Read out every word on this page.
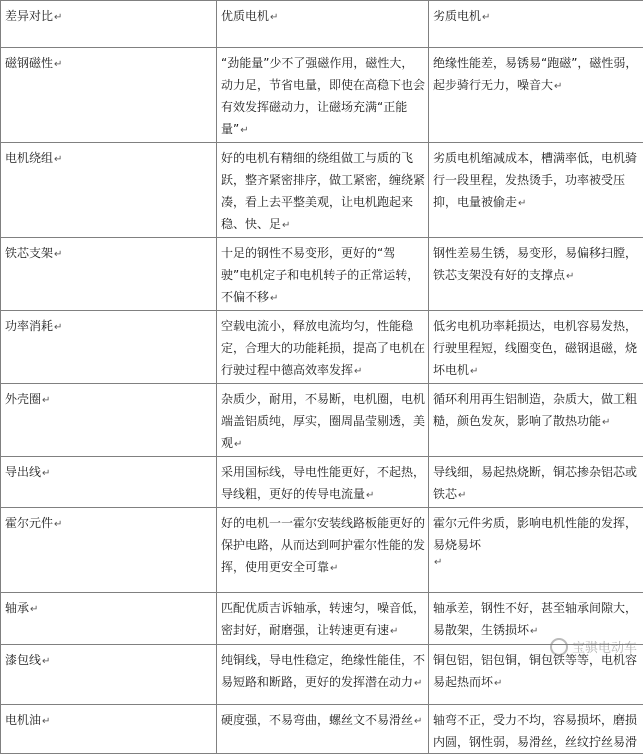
差异对比↵	优质电机↵	劣质电机↵
磁钢磁性↵	“劲能量”少不了强磁作用，磁性大，动力足，节省电量，即使在高稳下也会有效发挥磁动力，让磁场充满“正能量”↵	绝缘性能差，易锈易“跑磁”，磁性弱，起步骑行无力，噪音大↵
电机绕组↵	好的电机有精细的绕组做工与质的飞跃，整齐紧密排序，做工紧密，缠绕紧凑，看上去平整美观，让电机跑起来稳、快、足↵	劣质电机缩减成本，槽满率低，电机骑行一段里程，发热烫手，功率被受压抑，电量被偷走↵
铁芯支架↵	十足的钢性不易变形，更好的“驾驶”电机定子和电机转子的正常运转，不偏不移↵	钢性差易生锈，易变形，易偏移扫膛，铁芯支架没有好的支撑点↵
功率消耗↵	空载电流小，释放电流均匀，性能稳定，合理大的功能耗损，提高了电机在行驶过程中德高效率发挥↵	低劣电机功率耗损达，电机容易发热，行驶里程短，线圈变色，磁钢退磁，烧坏电机↵
外壳圈↵	杂质少，耐用，不易断，电机圈，电机端盖铝质纯，厚实，圈周晶莹剔透，美观↵	循环利用再生铝制造，杂质大，做工粗糙，颜色发灰，影响了散热功能↵
导出线↵	采用国标线，导电性能更好，不起热，导线粗，更好的传导电流量↵	导线细，易起热烧断，铜芯掺杂铝芯或铁芯↵
霍尔元件↵	好的电机一一霍尔安装线路板能更好的保护电路，从而达到呵护霍尔性能的发挥，使用更安全可靠↵	霍尔元件劣质，影响电机性能的发挥，易烧易坏
↵

轴承↵	匹配优质吉诉轴承，转速匀，噪音低，密封好，耐磨强，让转速更有速↵	轴承差，钢性不好，甚至轴承间隙大，易散架，生锈损坏↵
漆包线↵	纯铜线，导电性稳定，绝缘性能佳，不易短路和断路，更好的发挥潜在动力↵	铜包铝，铝包铜，铜包铁等等，电机容易起热而坏↵
电机油↵	硬度强，不易弯曲，螺丝文不易滑丝↵	轴弯不正，受力不均，容易损坏，磨损内圆，钢性弱，易滑丝，丝纹拧丝易滑
宝骐电动车
